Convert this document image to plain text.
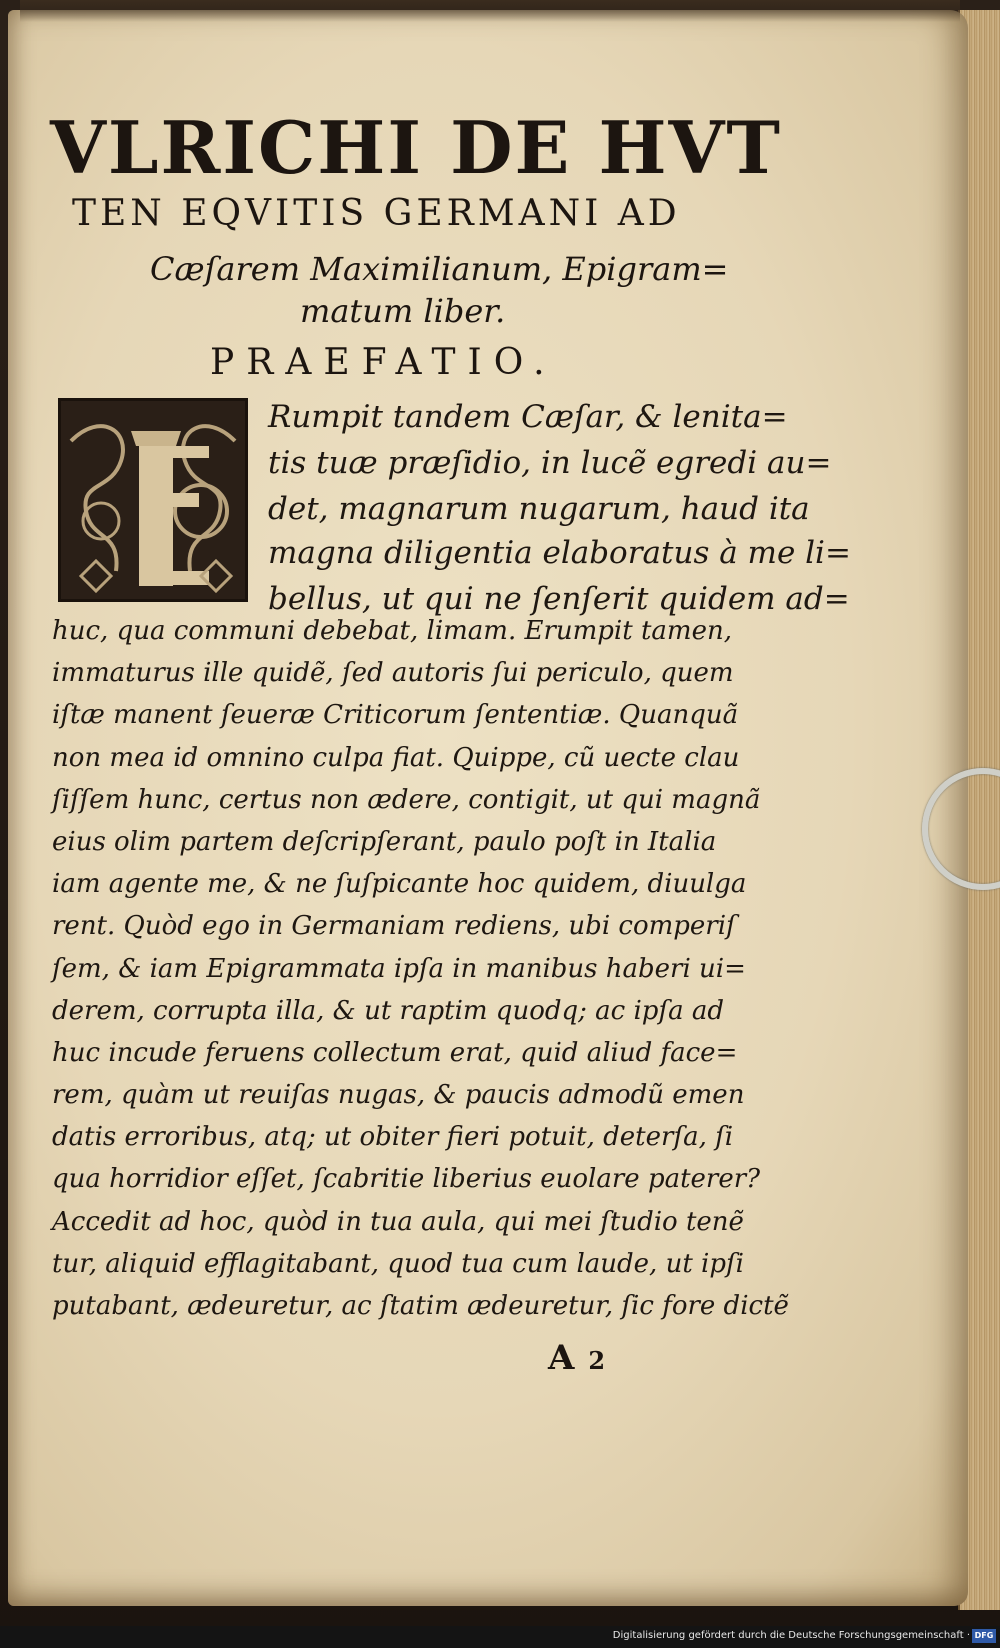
VLRICHI DE HVT
TEN EQVITIS GERMANI AD
Cæſarem Maximilianum, Epigram=
matum liber.
PRAEFATIO.
Rumpit tandem Cæſar, & lenita=
tis tuæ præſidio, in lucẽ egredi au=
det, magnarum nugarum, haud ita
magna diligentia elaboratus à me li=
bellus, ut qui ne ſenſerit quidem ad=
huc, qua communi debebat, limam. Erumpit tamen,
immaturus ille quidẽ, ſed autoris ſui periculo, quem
iſtæ manent ſeueræ Criticorum ſententiæ. Quanquã
non mea id omnino culpa fiat. Quippe, cũ uecte clau
ſiſſem hunc, certus non ædere, contigit, ut qui magnã
eius olim partem deſcripſerant, paulo poſt in Italia
iam agente me, & ne ſuſpicante hoc quidem, diuulga
rent. Quòd ego in Germaniam rediens, ubi comperiſ
ſem, & iam Epigrammata ipſa in manibus haberi ui=
derem, corrupta illa, & ut raptim quodq; ac ipſa ad
huc incude feruens collectum erat, quid aliud face=
rem, quàm ut reuiſas nugas, & paucis admodũ emen
datis erroribus, atq; ut obiter fieri potuit, deterſa, ſi
qua horridior eſſet, ſcabritie liberius euolare paterer?
Accedit ad hoc, quòd in tua aula, qui mei ſtudio tenẽ
tur, aliquid efflagitabant, quod tua cum laude, ut ipſi
putabant, ædeuretur, ac ſtatim ædeuretur, ſic fore dictẽ
A 2
Digitalisierung gefördert durch die Deutsche Forschungsgemeinschaft · DFG
